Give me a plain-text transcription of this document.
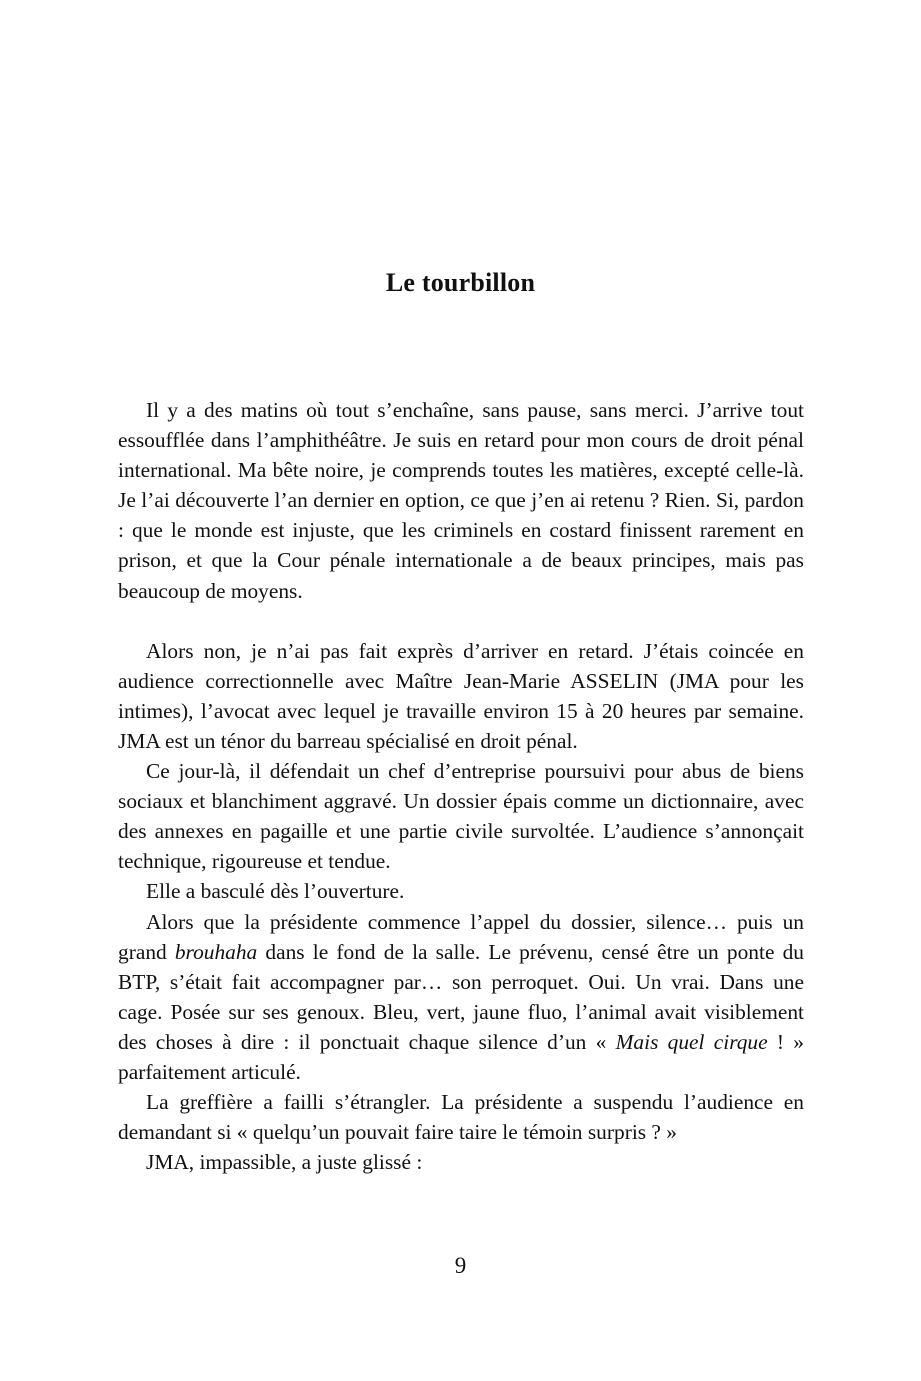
Le tourbillon

Il y a des matins où tout s’enchaîne, sans pause, sans merci. J’arrive tout essoufflée dans l’amphithéâtre. Je suis en retard pour mon cours de droit pénal international. Ma bête noire, je comprends toutes les matières, excepté celle-là. Je l’ai découverte l’an dernier en option, ce que j’en ai retenu ? Rien. Si, pardon : que le monde est injuste, que les criminels en costard finissent rarement en prison, et que la Cour pénale internationale a de beaux principes, mais pas beaucoup de moyens.

Alors non, je n’ai pas fait exprès d’arriver en retard. J’étais coincée en audience correctionnelle avec Maître Jean-Marie ASSELIN (JMA pour les intimes), l’avocat avec lequel je travaille environ 15 à 20 heures par semaine. JMA est un ténor du barreau spécialisé en droit pénal.

Ce jour-là, il défendait un chef d’entreprise poursuivi pour abus de biens sociaux et blanchiment aggravé. Un dossier épais comme un dictionnaire, avec des annexes en pagaille et une partie civile survoltée. L’audience s’annonçait technique, rigoureuse et tendue.

Elle a basculé dès l’ouverture.

Alors que la présidente commence l’appel du dossier, silence… puis un grand brouhaha dans le fond de la salle. Le prévenu, censé être un ponte du BTP, s’était fait accompagner par… son perroquet. Oui. Un vrai. Dans une cage. Posée sur ses genoux. Bleu, vert, jaune fluo, l’animal avait visiblement des choses à dire : il ponctuait chaque silence d’un « Mais quel cirque ! » parfaitement articulé.

La greffière a failli s’étrangler. La présidente a suspendu l’audience en demandant si « quelqu’un pouvait faire taire le témoin surpris ? »

JMA, impassible, a juste glissé :

9
